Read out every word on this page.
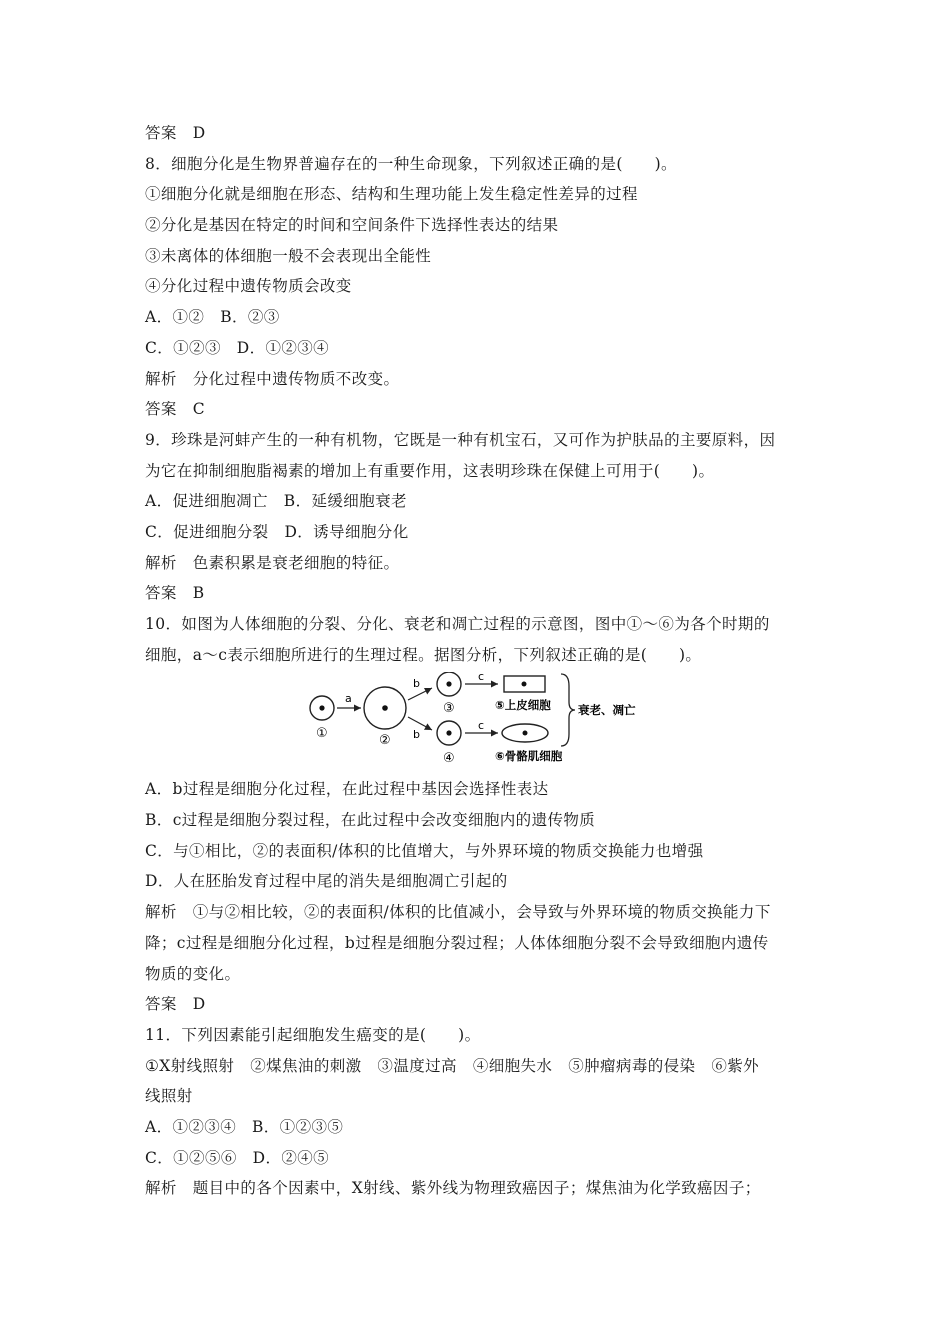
答案　D
8．细胞分化是生物界普遍存在的一种生命现象，下列叙述正确的是(　　)。
①细胞分化就是细胞在形态、结构和生理功能上发生稳定性差异的过程
②分化是基因在特定的时间和空间条件下选择性表达的结果
③未离体的体细胞一般不会表现出全能性
④分化过程中遗传物质会改变
A．①②　B．②③
C．①②③　D．①②③④
解析　分化过程中遗传物质不改变。
答案　C
9．珍珠是河蚌产生的一种有机物，它既是一种有机宝石，又可作为护肤品的主要原料，因
为它在抑制细胞脂褐素的增加上有重要作用，这表明珍珠在保健上可用于(　　)。
A．促进细胞凋亡　B．延缓细胞衰老
C．促进细胞分裂　D．诱导细胞分化
解析　色素积累是衰老细胞的特征。
答案　B
10．如图为人体细胞的分裂、分化、衰老和凋亡过程的示意图，图中①～⑥为各个时期的
细胞，a～c表示细胞所进行的生理过程。据图分析，下列叙述正确的是(　　)。
①
a
②
b
b
③
④
c
c
⑤上皮细胞
⑥骨骼肌细胞
衰老、凋亡
A．b过程是细胞分化过程，在此过程中基因会选择性表达
B．c过程是细胞分裂过程，在此过程中会改变细胞内的遗传物质
C．与①相比，②的表面积/体积的比值增大，与外界环境的物质交换能力也增强
D．人在胚胎发育过程中尾的消失是细胞凋亡引起的
解析　①与②相比较，②的表面积/体积的比值减小，会导致与外界环境的物质交换能力下
降；c过程是细胞分化过程，b过程是细胞分裂过程；人体体细胞分裂不会导致细胞内遗传
物质的变化。
答案　D
11．下列因素能引起细胞发生癌变的是(　　)。
①X射线照射　②煤焦油的刺激　③温度过高　④细胞失水　⑤肿瘤病毒的侵染　⑥紫外
线照射
A．①②③④　B．①②③⑤
C．①②⑤⑥　D．②④⑤
解析　题目中的各个因素中，X射线、紫外线为物理致癌因子；煤焦油为化学致癌因子；
